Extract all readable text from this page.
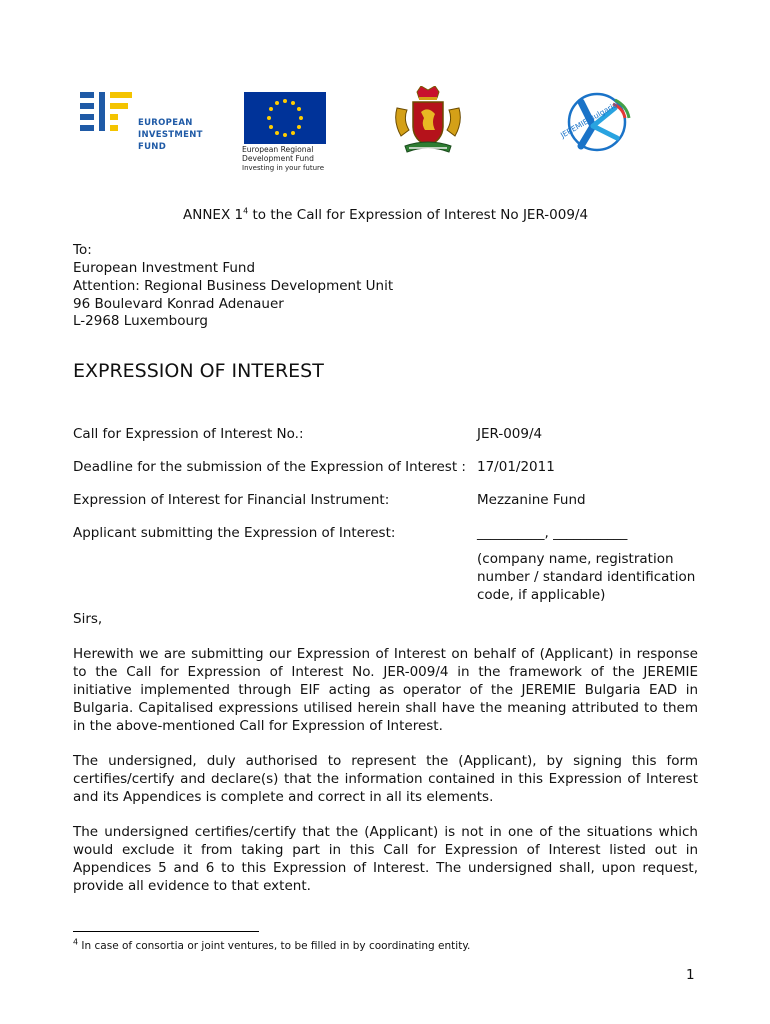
EUROPEAN
INVESTMENT
FUND	European Regional
Development Fund
Investing in your future
JEREMIE Bulgaria
ANNEX $1^4$ to the Call for Expression of Interest No JER-009/4
To:
European Investment Fund
Attention: Regional Business Development Unit
96 Boulevard Konrad Adenauer
L-2968 Luxembourg
EXPRESSION OF INTEREST
Call for Expression of Interest No.:	JER-009/4
Deadline for the submission of the Expression of Interest : 17/01/2011
Expression of Interest for Financial Instrument:	Mezzanine Fund
Applicant submitting the Expression of Interest:	__________, ___________
(company name, registration
number / standard identification
code, if applicable)
Sirs,
Herewith we are submitting our Expression of Interest on behalf of (Applicant) in response to the Call for Expression of Interest No. JER-009/4 in the framework of the JEREMIE initiative implemented through EIF acting as operator of the JEREMIE Bulgaria EAD in Bulgaria. Capitalised expressions utilised herein shall have the meaning attributed to them in the above-mentioned Call for Expression of Interest.
The undersigned, duly authorised to represent the (Applicant), by signing this form certifies/certify and declare(s) that the information contained in this Expression of Interest and its Appendices is complete and correct in all its elements.
The undersigned certifies/certify that the (Applicant) is not in one of the situations which would exclude it from taking part in this Call for Expression of Interest listed out in Appendices 5 and 6 to this Expression of Interest. The undersigned shall, upon request, provide all evidence to that extent.
$^4$ In case of consortia or joint ventures, to be filled in by coordinating entity.
1
